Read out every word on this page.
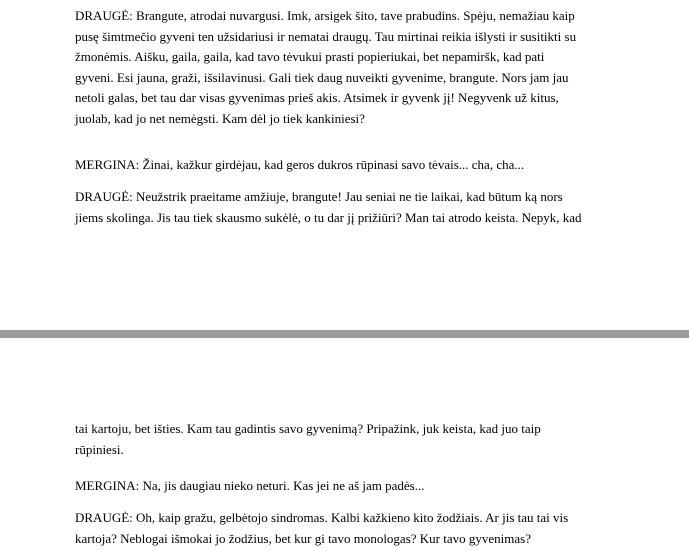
DRAUGĖ: Brangute, atrodai nuvargusi. Imk, arsigek šito, tave prabudins. Spėju, nemažiau kaip
pusę šimtmečio gyveni ten užsidariusi ir nematai draugų. Tau mirtinai reikia išlysti ir susitikti su
žmonėmis. Aišku, gaila, gaila, kad tavo tėvukui prasti popieriukai, bet nepamiršk, kad pati
gyveni. Esi jauna, graži, išsilavinusi. Gali tiek daug nuveikti gyvenime, brangute. Nors jam jau
netoli galas, bet tau dar visas gyvenimas prieš akis. Atsimek ir gyvenk jį! Negyvenk už kitus,
juolab, kad jo net nemėgsti. Kam dėl jo tiek kankiniesi?

MERGINA: Žinai, kažkur girdėjau, kad geros dukros rūpinasi savo tėvais... cha, cha...

DRAUGĖ: Neužstrik praeitame amžiuje, brangute! Jau seniai ne tie laikai, kad būtum ką nors
jiems skolinga. Jis tau tiek skausmo sukėlė, o tu dar jį prižiūri? Man tai atrodo keista. Nepyk, kad

tai kartoju, bet išties. Kam tau gadintis savo gyvenimą? Pripažink, juk keista, kad juo taip
rūpiniesi.

MERGINA: Na, jis daugiau nieko neturi. Kas jei ne aš jam padės...

DRAUGĖ: Oh, kaip gražu, gelbėtojo sindromas. Kalbi kažkieno kito žodžiais. Ar jis tau tai vis
kartoja? Neblogai išmokai jo žodžius, bet kur gi tavo monologas? Kur tavo gyvenimas?
